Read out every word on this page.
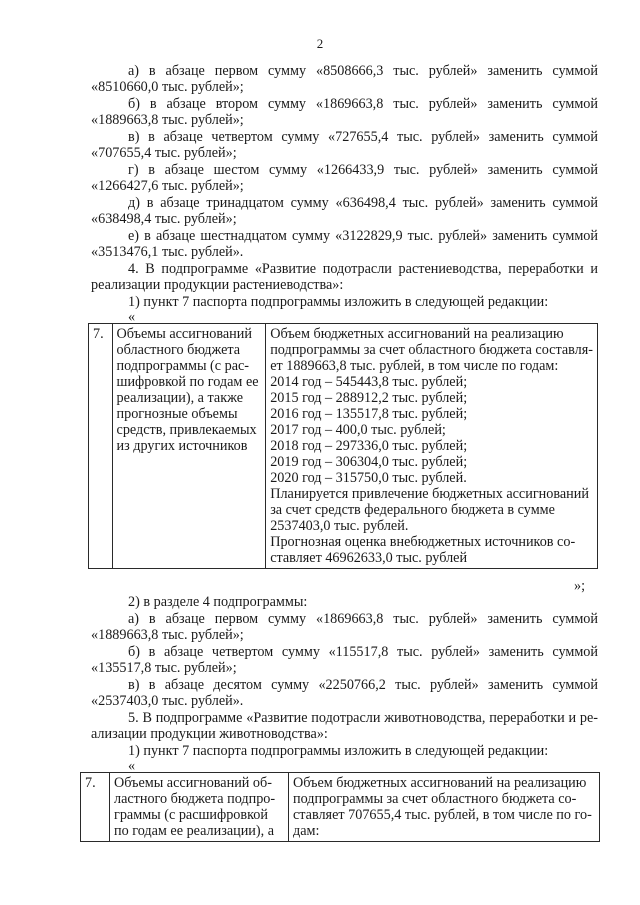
2

а) в абзаце первом сумму «8508666,3 тыс. рублей» заменить суммой

«8510660,0 тыс. рублей»;

б) в абзаце втором сумму «1869663,8 тыс. рублей» заменить суммой

«1889663,8 тыс. рублей»;

в) в абзаце четвертом сумму «727655,4 тыс. рублей» заменить суммой

«707655,4 тыс. рублей»;

г) в абзаце шестом сумму «1266433,9 тыс. рублей» заменить суммой

«1266427,6 тыс. рублей»;

д) в абзаце тринадцатом сумму «636498,4 тыс. рублей» заменить суммой

«638498,4 тыс. рублей»;

е) в абзаце шестнадцатом сумму «3122829,9 тыс. рублей» заменить суммой

«3513476,1 тыс. рублей».

4. В подпрограмме «Развитие подотрасли растениеводства, переработки и

реализации продукции растениеводства»:

1) пункт 7 паспорта подпрограммы изложить в следующей редакции:

«

7.	Объемы ассигнований
областного бюджета
подпрограммы (с рас-
шифровкой по годам ее
реализации), а также
прогнозные объемы
средств, привлекаемых
из других источников

Объем бюджетных ассигнований на реализацию
подпрограммы за счет областного бюджета составля-
ет 1889663,8 тыс. рублей, в том числе по годам:
2014 год – 545443,8 тыс. рублей;
2015 год – 288912,2 тыс. рублей;
2016 год – 135517,8 тыс. рублей;
2017 год – 400,0 тыс. рублей;
2018 год – 297336,0 тыс. рублей;
2019 год – 306304,0 тыс. рублей;
2020 год – 315750,0 тыс. рублей.
Планируется привлечение бюджетных ассигнований
за счет средств федерального бюджета в сумме
2537403,0 тыс. рублей.
Прогнозная оценка внебюджетных источников со-
ставляет 46962633,0 тыс. рублей

»;

2) в разделе 4 подпрограммы:

а) в абзаце первом сумму «1869663,8 тыс. рублей» заменить суммой

«1889663,8 тыс. рублей»;

б) в абзаце четвертом сумму «115517,8 тыс. рублей» заменить суммой

«135517,8 тыс. рублей»;

в) в абзаце десятом сумму «2250766,2 тыс. рублей» заменить суммой

«2537403,0 тыс. рублей».

5. В подпрограмме «Развитие подотрасли животноводства, переработки и ре-

ализации продукции животноводства»:

1) пункт 7 паспорта подпрограммы изложить в следующей редакции:

«

7.	Объемы ассигнований об-
ластного бюджета подпро-
граммы (с расшифровкой
по годам ее реализации), а

Объем бюджетных ассигнований на реализацию
подпрограммы за счет областного бюджета со-
ставляет 707655,4 тыс. рублей, в том числе по го-
дам:
